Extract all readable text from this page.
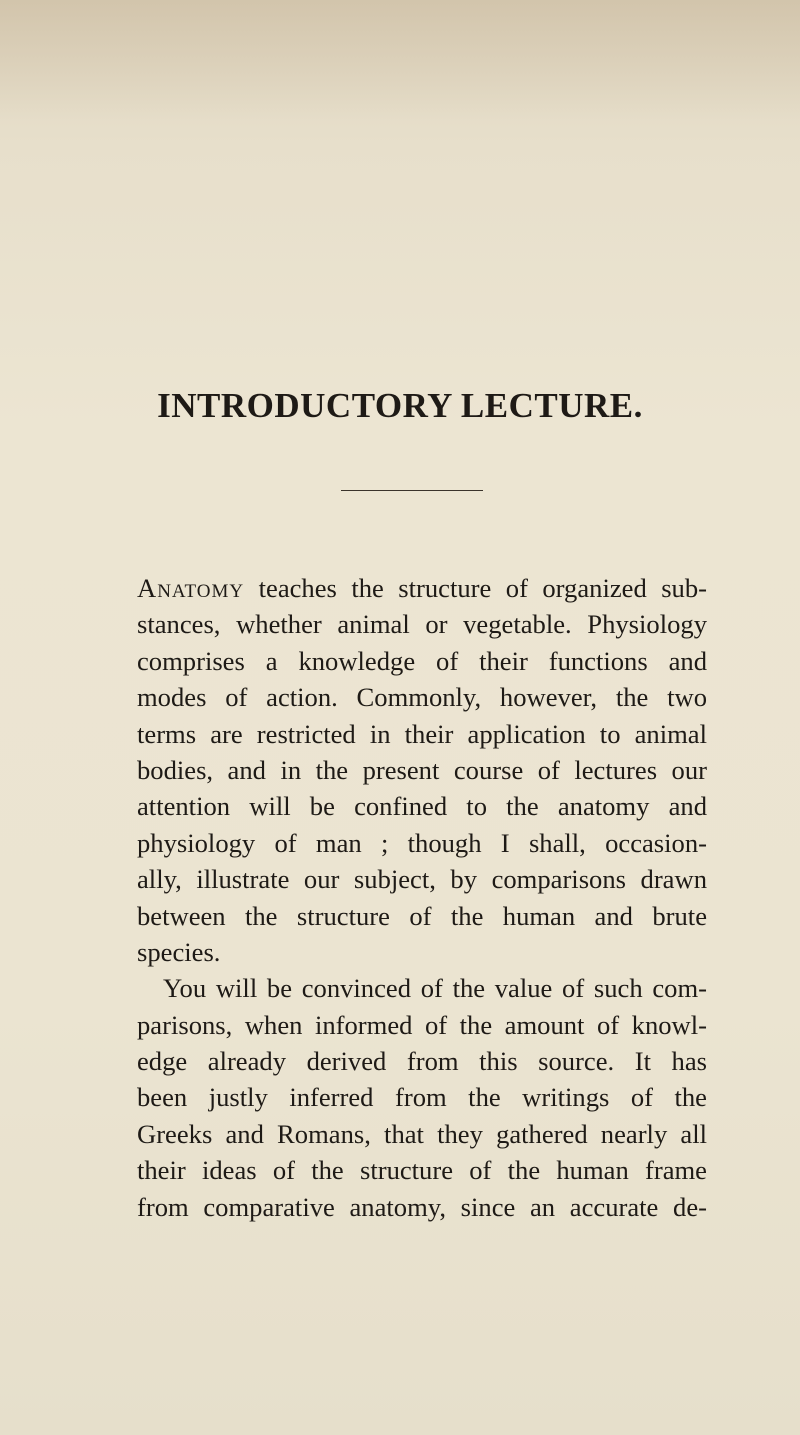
INTRODUCTORY LECTURE.
Anatomy teaches the structure of organized sub-
stances, whether animal or vegetable. Physiology
comprises a knowledge of their functions and
modes of action. Commonly, however, the two
terms are restricted in their application to animal
bodies, and in the present course of lectures our
attention will be confined to the anatomy and
physiology of man ; though I shall, occasion-
ally, illustrate our subject, by comparisons drawn
between the structure of the human and brute
species.
You will be convinced of the value of such com-
parisons, when informed of the amount of knowl-
edge already derived from this source. It has
been justly inferred from the writings of the
Greeks and Romans, that they gathered nearly all
their ideas of the structure of the human frame
from comparative anatomy, since an accurate de-
